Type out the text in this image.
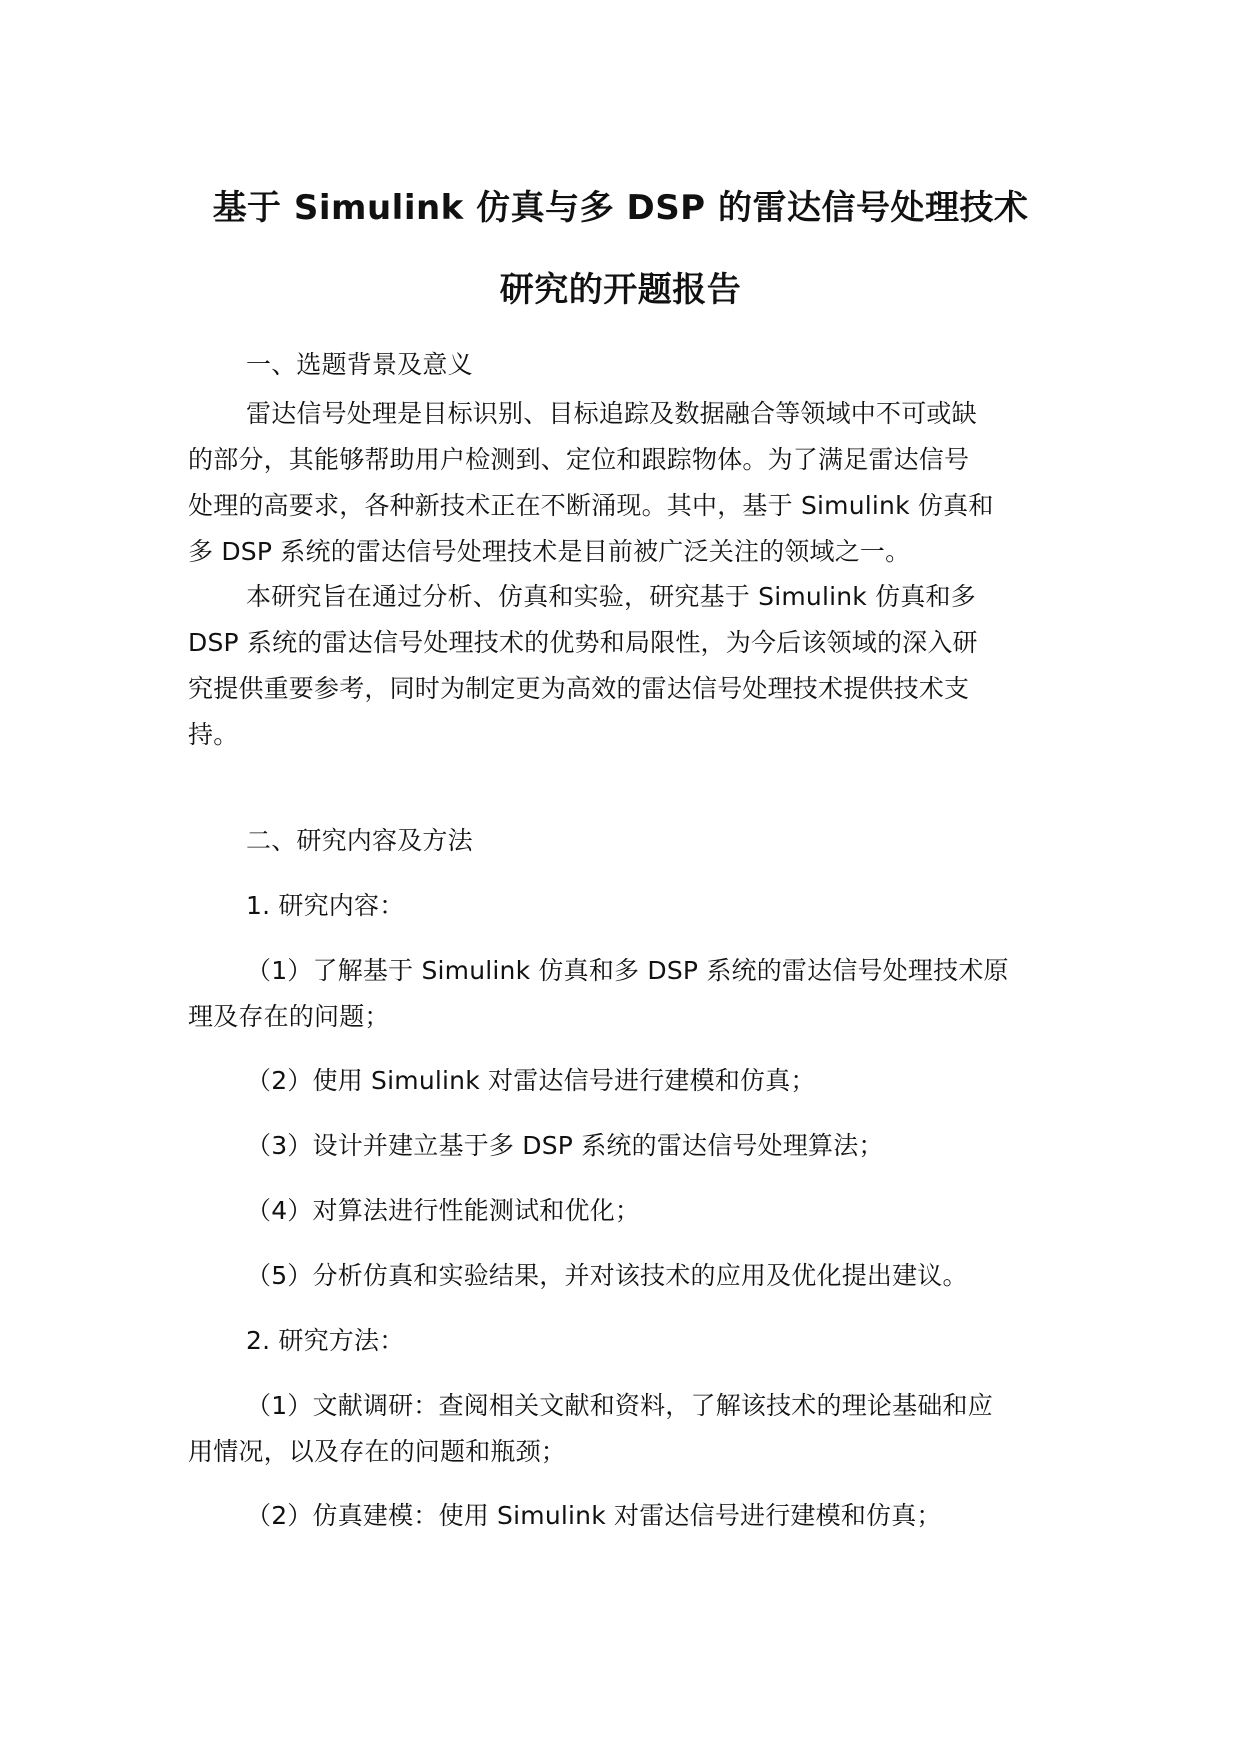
基于 Simulink 仿真与多 DSP 的雷达信号处理技术
研究的开题报告

一、选题背景及意义

雷达信号处理是目标识别、目标追踪及数据融合等领域中不可或缺
的部分，其能够帮助用户检测到、定位和跟踪物体。为了满足雷达信号
处理的高要求，各种新技术正在不断涌现。其中，基于 Simulink 仿真和
多 DSP 系统的雷达信号处理技术是目前被广泛关注的领域之一。

本研究旨在通过分析、仿真和实验，研究基于 Simulink 仿真和多
DSP 系统的雷达信号处理技术的优势和局限性，为今后该领域的深入研
究提供重要参考，同时为制定更为高效的雷达信号处理技术提供技术支
持。

二、研究内容及方法

1. 研究内容：

（1）了解基于 Simulink 仿真和多 DSP 系统的雷达信号处理技术原
理及存在的问题；

（2）使用 Simulink 对雷达信号进行建模和仿真；

（3）设计并建立基于多 DSP 系统的雷达信号处理算法；

（4）对算法进行性能测试和优化；

（5）分析仿真和实验结果，并对该技术的应用及优化提出建议。

2. 研究方法：

（1）文献调研：查阅相关文献和资料，了解该技术的理论基础和应
用情况，以及存在的问题和瓶颈；

（2）仿真建模：使用 Simulink 对雷达信号进行建模和仿真；
